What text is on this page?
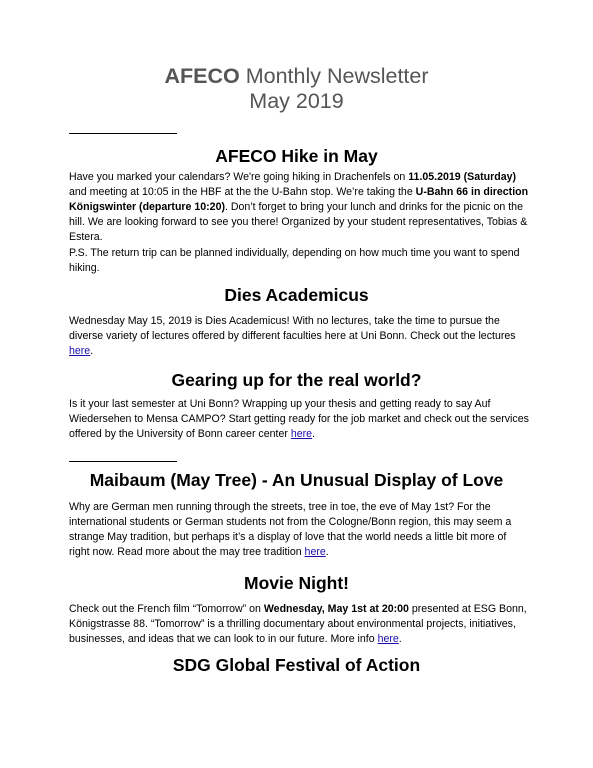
AFECO Monthly Newsletter
May 2019
AFECO Hike in May

Have you marked your calendars? We're going hiking in Drachenfels on 11.05.2019 (Saturday) and meeting at 10:05 in the HBF at the the U-Bahn stop. We’re taking the U-Bahn 66 in direction Königswinter (departure 10:20). Don’t forget to bring your lunch and drinks for the picnic on the hill. We are looking forward to see you there! Organized by your student representatives, Tobias & Estera.

P.S. The return trip can be planned individually, depending on how much time you want to spend hiking.

Dies Academicus

Wednesday May 15, 2019 is Dies Academicus! With no lectures, take the time to pursue the diverse variety of lectures offered by different faculties here at Uni Bonn. Check out the lectures here.

Gearing up for the real world?

Is it your last semester at Uni Bonn? Wrapping up your thesis and getting ready to say Auf Wiedersehen to Mensa CAMPO? Start getting ready for the job market and check out the services offered by the University of Bonn career center here.

Maibaum (May Tree) - An Unusual Display of Love

Why are German men running through the streets, tree in toe, the eve of May 1st? For the international students or German students not from the Cologne/Bonn region, this may seem a strange May tradition, but perhaps it’s a display of love that the world needs a little bit more of right now. Read more about the may tree tradition here.

Movie Night!

Check out the French film “Tomorrow” on Wednesday, May 1st at 20:00 presented at ESG Bonn, Königstrasse 88. “Tomorrow” is a thrilling documentary about environmental projects, initiatives, businesses, and ideas that we can look to in our future. More info here.

SDG Global Festival of Action
